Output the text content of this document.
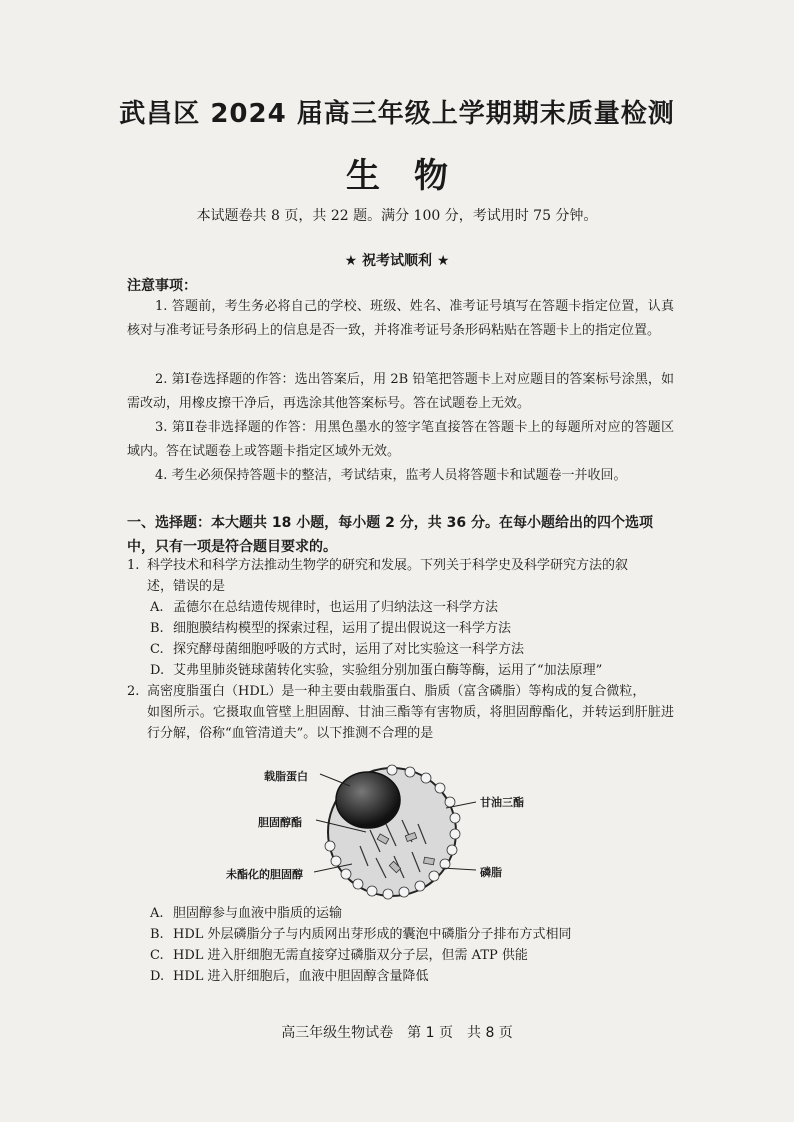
武昌区 2024 届高三年级上学期期末质量检测
生　物
本试题卷共 8 页，共 22 题。满分 100 分，考试用时 75 分钟。
★ 祝考试顺利 ★
注意事项：
1. 答题前，考生务必将自己的学校、班级、姓名、准考证号填写在答题卡指定位置，认真核对与准考证号条形码上的信息是否一致，并将准考证号条形码粘贴在答题卡上的指定位置。
2. 第Ⅰ卷选择题的作答：选出答案后，用 2B 铅笔把答题卡上对应题目的答案标号涂黑，如需改动，用橡皮擦干净后，再选涂其他答案标号。答在试题卷上无效。
3. 第Ⅱ卷非选择题的作答：用黑色墨水的签字笔直接答在答题卡上的每题所对应的答题区域内。答在试题卷上或答题卡指定区域外无效。
4. 考生必须保持答题卡的整洁，考试结束，监考人员将答题卡和试题卷一并收回。
一、选择题：本大题共 18 小题，每小题 2 分，共 36 分。在每小题给出的四个选项中，只有一项是符合题目要求的。
1. 科学技术和科学方法推动生物学的研究和发展。下列关于科学史及科学研究方法的叙
述，错误的是
A. 孟德尔在总结遗传规律时，也运用了归纳法这一科学方法
B. 细胞膜结构模型的探索过程，运用了提出假说这一科学方法
C. 探究酵母菌细胞呼吸的方式时，运用了对比实验这一科学方法
D. 艾弗里肺炎链球菌转化实验，实验组分别加蛋白酶等酶，运用了“加法原理”
2. 高密度脂蛋白（HDL）是一种主要由载脂蛋白、脂质（富含磷脂）等构成的复合微粒，
如图所示。它摄取血管壁上胆固醇、甘油三酯等有害物质，将胆固醇酯化，并转运到肝脏进行分解，俗称“血管清道夫”。以下推测不合理的是
载脂蛋白
甘油三酯
胆固醇酯
未酯化的胆固醇	磷脂
A. 胆固醇参与血液中脂质的运输
B. HDL 外层磷脂分子与内质网出芽形成的囊泡中磷脂分子排布方式相同
C. HDL 进入肝细胞无需直接穿过磷脂双分子层，但需 ATP 供能
D. HDL 进入肝细胞后，血液中胆固醇含量降低
高三年级生物试卷　第 1 页　共 8 页
